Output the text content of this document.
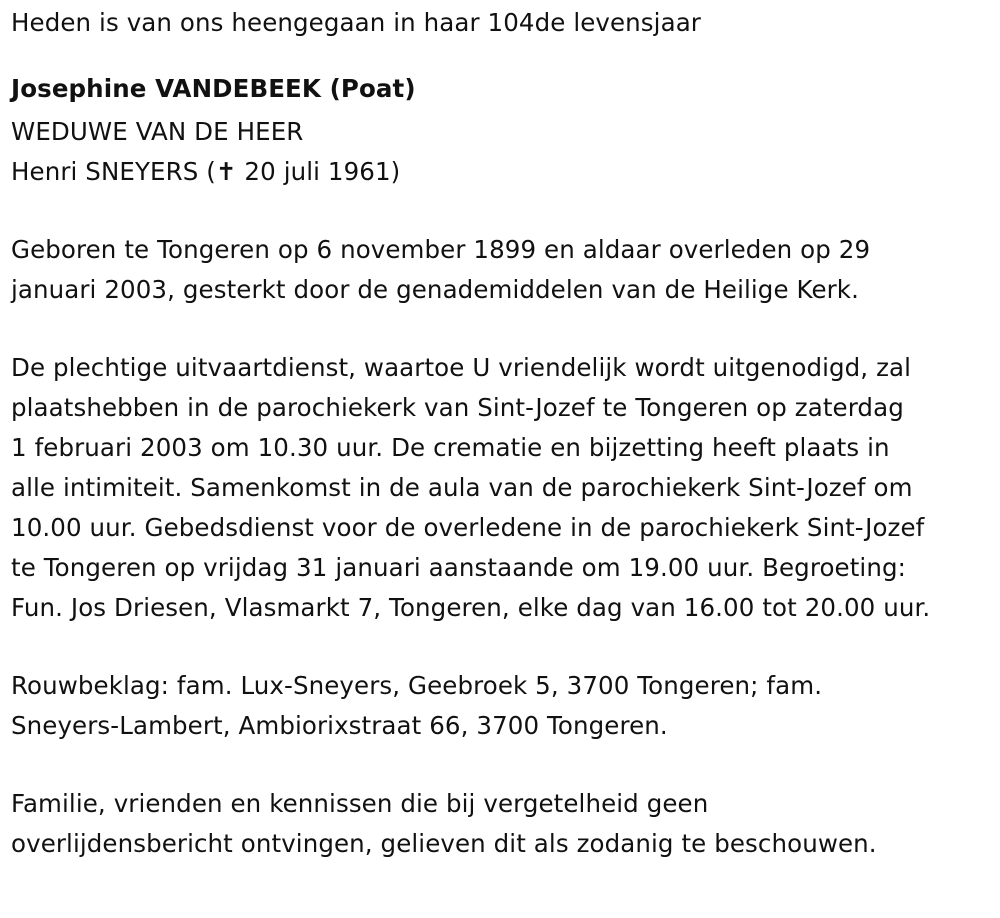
Heden is van ons heengegaan in haar 104de levensjaar
Josephine VANDEBEEK (Poat)
WEDUWE VAN DE HEER
Henri SNEYERS (✝ 20 juli 1961)
Geboren te Tongeren op 6 november 1899 en aldaar overleden op 29
januari 2003, gesterkt door de genademiddelen van de Heilige Kerk.
De plechtige uitvaartdienst, waartoe U vriendelijk wordt uitgenodigd, zal
plaatshebben in de parochiekerk van Sint-Jozef te Tongeren op zaterdag
1 februari 2003 om 10.30 uur. De crematie en bijzetting heeft plaats in
alle intimiteit. Samenkomst in de aula van de parochiekerk Sint-Jozef om
10.00 uur. Gebedsdienst voor de overledene in de parochiekerk Sint-Jozef
te Tongeren op vrijdag 31 januari aanstaande om 19.00 uur. Begroeting:
Fun. Jos Driesen, Vlasmarkt 7, Tongeren, elke dag van 16.00 tot 20.00 uur.
Rouwbeklag: fam. Lux-Sneyers, Geebroek 5, 3700 Tongeren; fam.
Sneyers-Lambert, Ambiorixstraat 66, 3700 Tongeren.
Familie, vrienden en kennissen die bij vergetelheid geen
overlijdensbericht ontvingen, gelieven dit als zodanig te beschouwen.
